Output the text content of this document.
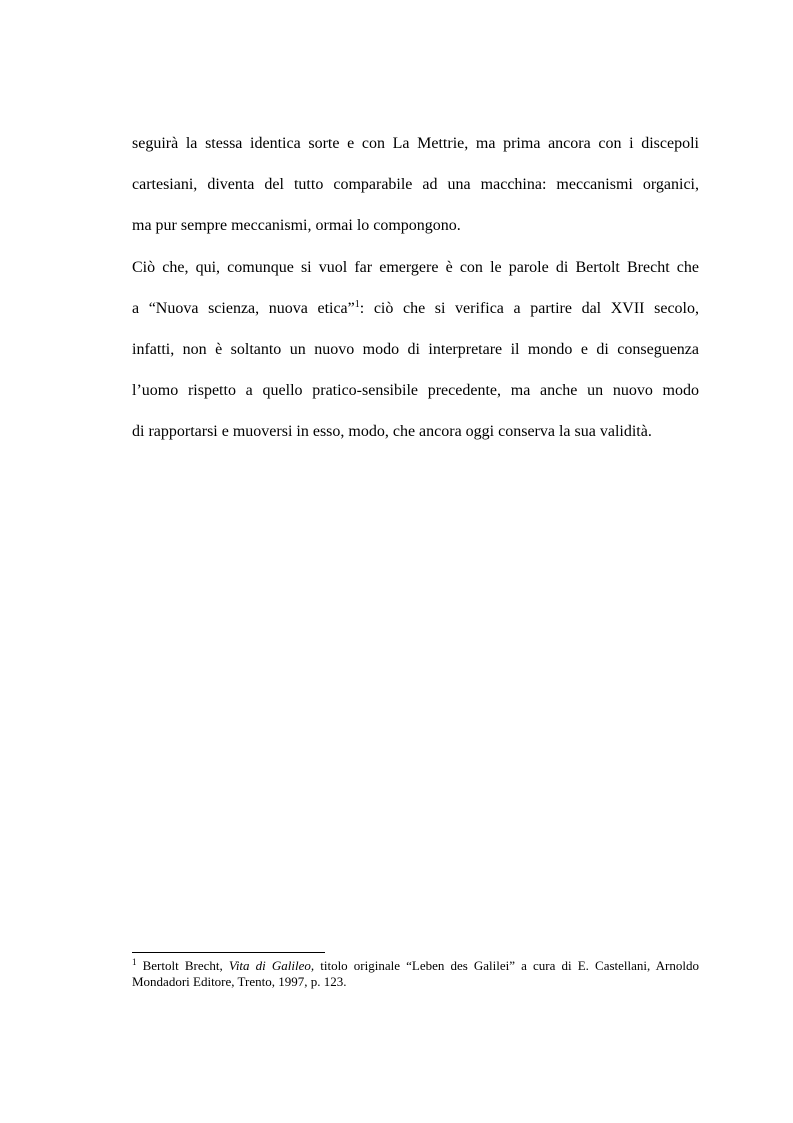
seguirà la stessa identica sorte e con La Mettrie, ma prima ancora con i discepoli
cartesiani, diventa del tutto comparabile ad una macchina: meccanismi organici,
ma pur sempre meccanismi, ormai lo compongono.
Ciò che, qui, comunque si vuol far emergere è con le parole di Bertolt Brecht che
a “Nuova scienza, nuova etica”$^1$: ciò che si verifica a partire dal XVII secolo,
infatti, non è soltanto un nuovo modo di interpretare il mondo e di conseguenza
l’uomo rispetto a quello pratico-sensibile precedente, ma anche un nuovo modo
di rapportarsi e muoversi in esso, modo, che ancora oggi conserva la sua validità.
$^1$ Bertolt Brecht, Vita di Galileo, titolo originale “Leben des Galilei” a cura di E. Castellani, Arnoldo Mondadori Editore, Trento, 1997, p. 123.
